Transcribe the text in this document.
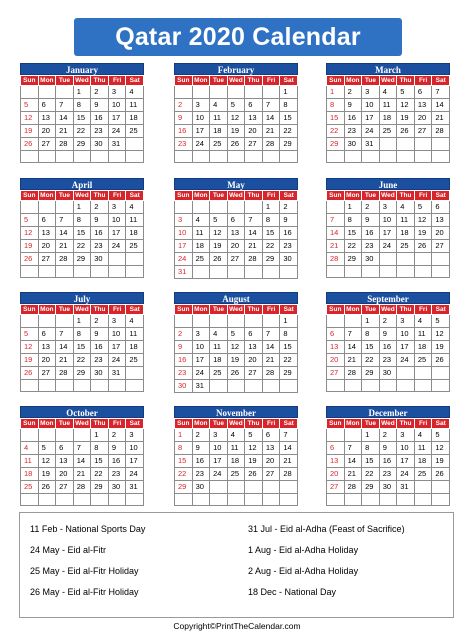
Qatar 2020 Calendar
January
Sun	Mon	Tue	Wed	Thu	Fri	Sat
			1	2	3	4
5	6	7	8	9	10	11
12	13	14	15	16	17	18
19	20	21	22	23	24	25
26	27	28	29	30	31	

February
Sun	Mon	Tue	Wed	Thu	Fri	Sat
						1
2	3	4	5	6	7	8
9	10	11	12	13	14	15
16	17	18	19	20	21	22
23	24	25	26	27	28	29

March
Sun	Mon	Tue	Wed	Thu	Fri	Sat
1	2	3	4	5	6	7
8	9	10	11	12	13	14
15	16	17	18	19	20	21
22	23	24	25	26	27	28
29	30	31				

April
Sun	Mon	Tue	Wed	Thu	Fri	Sat
			1	2	3	4
5	6	7	8	9	10	11
12	13	14	15	16	17	18
19	20	21	22	23	24	25
26	27	28	29	30		

May
Sun	Mon	Tue	Wed	Thu	Fri	Sat
					1	2
3	4	5	6	7	8	9
10	11	12	13	14	15	16
17	18	19	20	21	22	23
24	25	26	27	28	29	30
31						
June
Sun	Mon	Tue	Wed	Thu	Fri	Sat
	1	2	3	4	5	6
7	8	9	10	11	12	13
14	15	16	17	18	19	20
21	22	23	24	25	26	27
28	29	30				

July
Sun	Mon	Tue	Wed	Thu	Fri	Sat
			1	2	3	4
5	6	7	8	9	10	11
12	13	14	15	16	17	18
19	20	21	22	23	24	25
26	27	28	29	30	31	

August
Sun	Mon	Tue	Wed	Thu	Fri	Sat
						1
2	3	4	5	6	7	8
9	10	11	12	13	14	15
16	17	18	19	20	21	22
23	24	25	26	27	28	29
30	31					
September
Sun	Mon	Tue	Wed	Thu	Fri	Sat
		1	2	3	4	5
6	7	8	9	10	11	12
13	14	15	16	17	18	19
20	21	22	23	24	25	26
27	28	29	30			

October
Sun	Mon	Tue	Wed	Thu	Fri	Sat
				1	2	3
4	5	6	7	8	9	10
11	12	13	14	15	16	17
18	19	20	21	22	23	24
25	26	27	28	29	30	31

November
Sun	Mon	Tue	Wed	Thu	Fri	Sat
1	2	3	4	5	6	7
8	9	10	11	12	13	14
15	16	17	18	19	20	21
22	23	24	25	26	27	28
29	30					

December
Sun	Mon	Tue	Wed	Thu	Fri	Sat
		1	2	3	4	5
6	7	8	9	10	11	12
13	14	15	16	17	18	19
20	21	22	23	24	25	26
27	28	29	30	31		

11 Feb - National Sports Day
24 May - Eid al-Fitr
25 May - Eid al-Fitr Holiday
26 May - Eid al-Fitr Holiday
31 Jul - Eid al-Adha (Feast of Sacrifice)
1 Aug - Eid al-Adha Holiday
2 Aug - Eid al-Adha Holiday
18 Dec - National Day
Copyright©PrintTheCalendar.com
